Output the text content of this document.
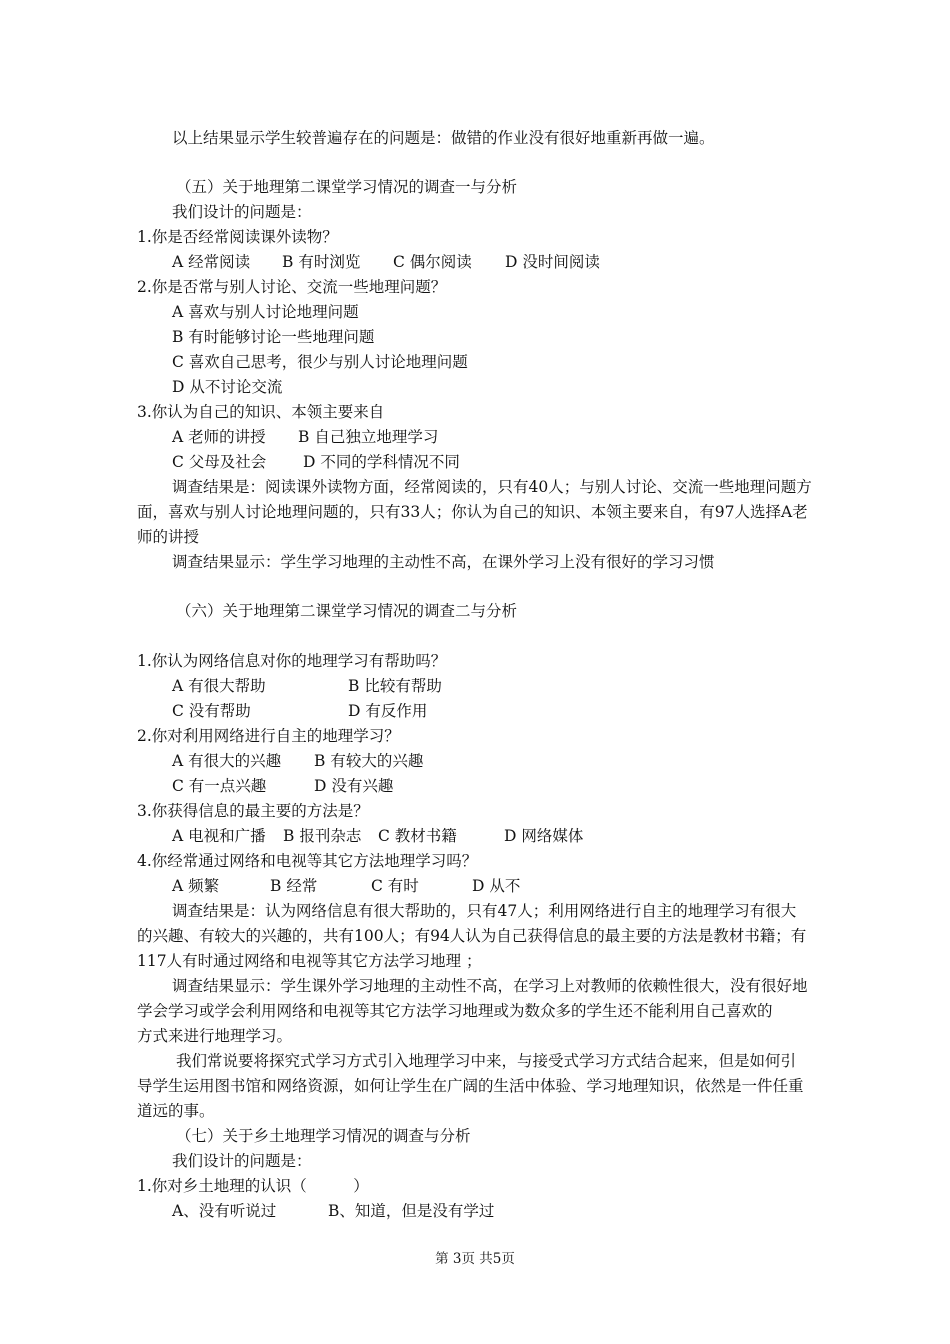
以上结果显示学生较普遍存在的问题是：做错的作业没有很好地重新再做一遍。
（五）关于地理第二课堂学习情况的调查一与分析
我们设计的问题是：
1.你是否经常阅读课外读物？
A 经常阅读 B 有时浏览 C 偶尔阅读 D 没时间阅读
2.你是否常与别人讨论、交流一些地理问题？
A 喜欢与别人讨论地理问题
B 有时能够讨论一些地理问题
C 喜欢自己思考，很少与别人讨论地理问题
D 从不讨论交流
3.你认为自己的知识、本领主要来自
A 老师的讲授 B 自己独立地理学习
C 父母及社会 D 不同的学科情况不同
调查结果是：阅读课外读物方面，经常阅读的，只有40人；与别人讨论、交流一些地理问题方
面，喜欢与别人讨论地理问题的，只有33人；你认为自己的知识、本领主要来自，有97人选择A老
师的讲授
调查结果显示：学生学习地理的主动性不高，在课外学习上没有很好的学习习惯
（六）关于地理第二课堂学习情况的调查二与分析
1.你认为网络信息对你的地理学习有帮助吗？
A 有很大帮助	B 比较有帮助
C 没有帮助	D 有反作用
2.你对利用网络进行自主的地理学习？
A 有很大的兴趣 B 有较大的兴趣
C 有一点兴趣	D 没有兴趣
3.你获得信息的最主要的方法是？
A 电视和广播 B 报刊杂志 C 教材书籍	D 网络媒体
4.你经常通过网络和电视等其它方法地理学习吗？
A 频繁	B 经常	C 有时	D 从不
调查结果是：认为网络信息有很大帮助的，只有47人；利用网络进行自主的地理学习有很大
的兴趣、有较大的兴趣的，共有100人；有94人认为自己获得信息的最主要的方法是教材书籍；有
117人有时通过网络和电视等其它方法学习地理 ；
调查结果显示：学生课外学习地理的主动性不高，在学习上对教师的依赖性很大，没有很好地
学会学习或学会利用网络和电视等其它方法学习地理或为数众多的学生还不能利用自己喜欢的
方式来进行地理学习。
我们常说要将探究式学习方式引入地理学习中来，与接受式学习方式结合起来，但是如何引
导学生运用图书馆和网络资源，如何让学生在广阔的生活中体验、学习地理知识，依然是一件任重
道远的事。
（七）关于乡土地理学习情况的调查与分析
我们设计的问题是：
1.你对乡土地理的认识（　　　）
A、没有听说过	B、知道，但是没有学过
第 3页 共5页
